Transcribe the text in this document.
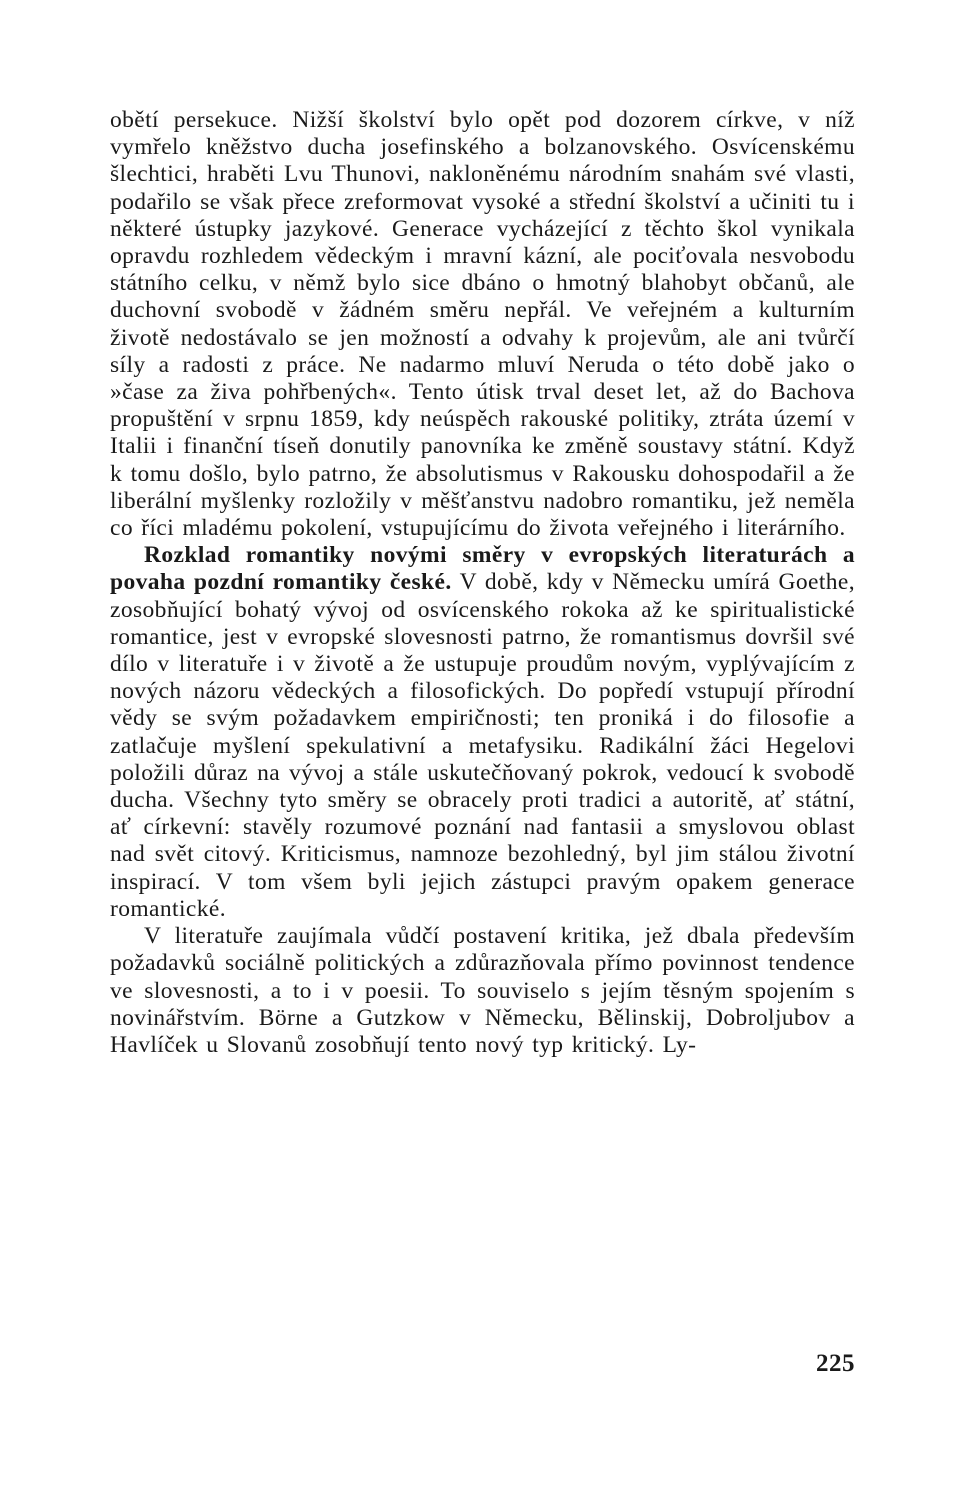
obětí persekuce. Nižší školství bylo opět pod dozorem církve, v níž vymřelo kněžstvo ducha josefinského a bolzanovského. Osvícenskému šlechtici, hraběti Lvu Thunovi, nakloněnému národním snahám své vlasti, podařilo se však přece zreformovat vysoké a střední školství a učiniti tu i některé ústupky jazykové. Generace vycházející z těchto škol vynikala opravdu rozhledem vědeckým i mravní kázní, ale pociťovala nesvobodu státního celku, v němž bylo sice dbáno o hmotný blahobyt občanů, ale duchovní svobodě v žádném směru nepřál. Ve veřejném a kulturním životě nedostávalo se jen možností a odvahy k projevům, ale ani tvůrčí síly a radosti z práce. Ne nadarmo mluví Neruda o této době jako o »čase za živa pohřbených«. Tento útisk trval deset let, až do Bachova propuštění v srpnu 1859, kdy neúspěch rakouské politiky, ztráta území v Italii i finanční tíseň donutily panovníka ke změně soustavy státní. Když k tomu došlo, bylo patrno, že absolutismus v Rakousku dohospodařil a že liberální myšlenky rozložily v měšťanstvu nadobro romantiku, jež neměla co říci mladému pokolení, vstupujícímu do života veřejného i literárního.

Rozklad romantiky novými směry v evropských literaturách a povaha pozdní romantiky české. V době, kdy v Německu umírá Goethe, zosobňující bohatý vývoj od osvícenského rokoka až ke spiritualistické romantice, jest v evropské slovesnosti patrno, že romantismus dovršil své dílo v literatuře i v životě a že ustupuje proudům novým, vyplývajícím z nových názoru vědeckých a filosofických. Do popředí vstupují přírodní vědy se svým požadavkem empiričnosti; ten proniká i do filosofie a zatlačuje myšlení spekulativní a metafysiku. Radikální žáci Hegelovi položili důraz na vývoj a stále uskutečňovaný pokrok, vedoucí k svobodě ducha. Všechny tyto směry se obracely proti tradici a autoritě, ať státní, ať církevní: stavěly rozumové poznání nad fantasii a smyslovou oblast nad svět citový. Kriticismus, namnoze bezohledný, byl jim stálou životní inspirací. V tom všem byli jejich zástupci pravým opakem generace romantické.

V literatuře zaujímala vůdčí postavení kritika, jež dbala především požadavků sociálně politických a zdůrazňovala přímo povinnost tendence ve slovesnosti, a to i v poesii. To souviselo s jejím těsným spojením s novinářstvím. Börne a Gutzkow v Německu, Bělinskij, Dobroljubov a Havlíček u Slovanů zosobňují tento nový typ kritický. Ly-

225
